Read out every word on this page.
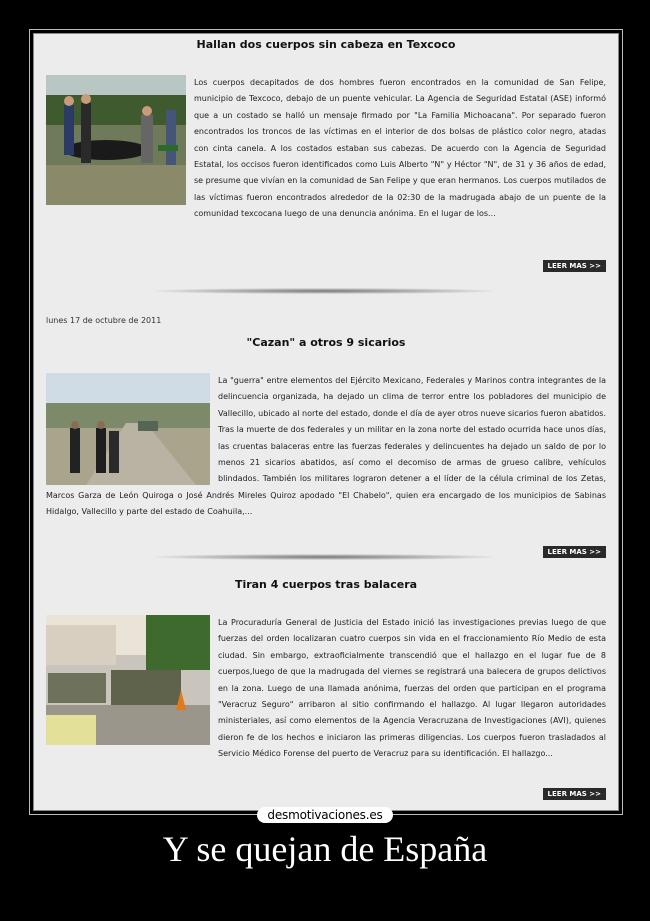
Hallan dos cuerpos sin cabeza en Texcoco
Los cuerpos decapitados de dos hombres fueron encontrados en la comunidad de San Felipe, municipio de Texcoco, debajo de un puente vehicular. La Agencia de Seguridad Estatal (ASE) informó que a un costado se halló un mensaje firmado por "La Familia Michoacana". Por separado fueron encontrados los troncos de las víctimas en el interior de dos bolsas de plástico color negro, atadas con cinta canela. A los costados estaban sus cabezas. De acuerdo con la Agencia de Seguridad Estatal, los occisos fueron identificados como Luis Alberto "N" y Héctor "N", de 31 y 36 años de edad, se presume que vivían en la comunidad de San Felipe y que eran hermanos. Los cuerpos mutilados de las víctimas fueron encontrados alrededor de la 02:30 de la madrugada abajo de un puente de la comunidad texcocana luego de una denuncia anónima. En el lugar de los...
LEER MAS >>
lunes 17 de octubre de 2011
"Cazan" a otros 9 sicarios
La "guerra" entre elementos del Ejército Mexicano, Federales y Marinos contra integrantes de la delincuencia organizada, ha dejado un clima de terror entre los pobladores del municipio de Vallecillo, ubicado al norte del estado, donde el día de ayer otros nueve sicarios fueron abatidos. Tras la muerte de dos federales y un militar en la zona norte del estado ocurrida hace unos días, las cruentas balaceras entre las fuerzas federales y delincuentes ha dejado un saldo de por lo menos 21 sicarios abatidos, así como el decomiso de armas de grueso calibre, vehículos blindados. También los militares lograron detener a el líder de la célula criminal de los Zetas, Marcos Garza de León Quiroga o José Andrés Mireles Quiroz apodado "El Chabelo", quien era encargado de los municipios de Sabinas Hidalgo, Vallecillo y parte del estado de Coahuila,...
LEER MAS >>
Tiran 4 cuerpos tras balacera
La Procuraduría General de Justicia del Estado inició las investigaciones previas luego de que fuerzas del orden localizaran cuatro cuerpos sin vida en el fraccionamiento Río Medio de esta ciudad. Sin embargo, extraoficialmente transcendió que el hallazgo en el lugar fue de 8 cuerpos,luego de que la madrugada del viernes se registrará una balecera de grupos delictivos en la zona. Luego de una llamada anónima, fuerzas del orden que participan en el programa "Veracruz Seguro" arribaron al sitio confirmando el hallazgo. Al lugar llegaron autoridades ministeriales, así como elementos de la Agencia Veracruzana de Investigaciones (AVI), quienes dieron fe de los hechos e iniciaron las primeras diligencias. Los cuerpos fueron trasladados al Servicio Médico Forense del puerto de Veracruz para su identificación. El hallazgo...
LEER MAS >>
desmotivaciones.es
Y se quejan de España
